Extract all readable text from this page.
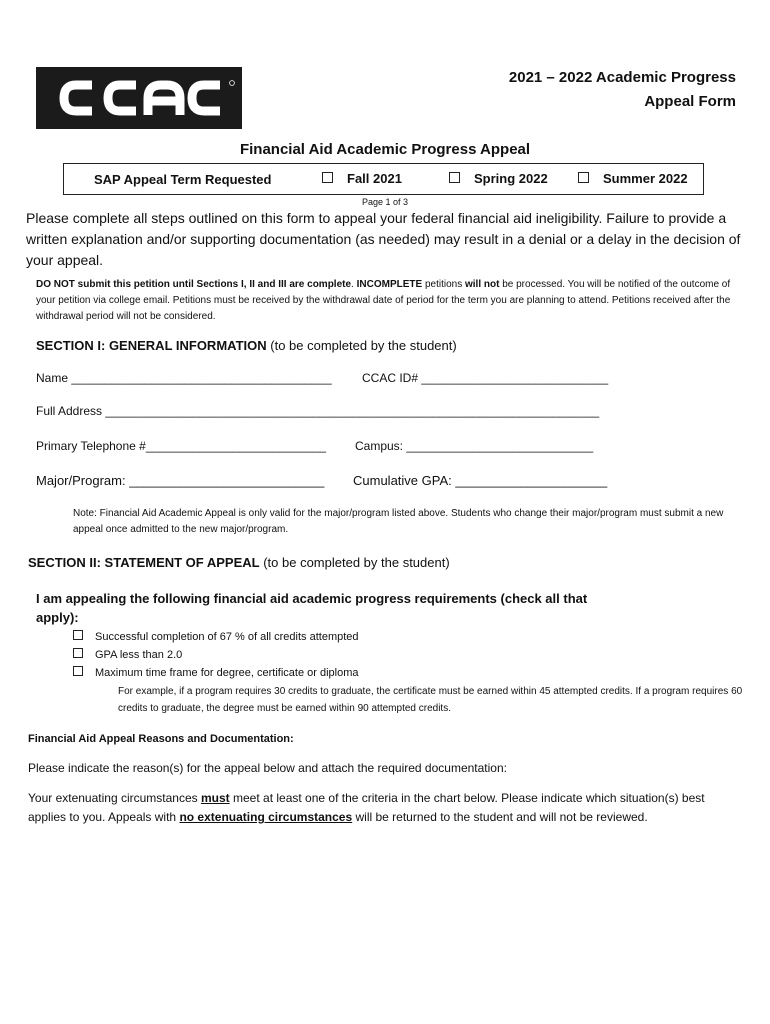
2021 – 2022 Academic Progress
Appeal Form
Financial Aid Academic Progress Appeal
SAP Appeal Term Requested	Fall 2021	Spring 2022	Summer 2022
Page 1 of 3
Please complete all steps outlined on this form to appeal your federal financial aid ineligibility. Failure to provide a written explanation and/or supporting documentation (as needed) may result in a denial or a delay in the decision of your appeal.
DO NOT submit this petition until Sections I, II and III are complete. INCOMPLETE petitions will not be processed. You will be notified of the outcome of your petition via college email. Petitions must be received by the withdrawal date of period for the term you are planning to attend. Petitions received after the withdrawal period will not be considered.
SECTION I: GENERAL INFORMATION (to be completed by the student)
Name _______________________________________	CCAC ID# ____________________________
Full Address __________________________________________________________________________
Primary Telephone #___________________________ Campus: ____________________________
Major/Program: ___________________________ Cumulative GPA: _____________________
Note: Financial Aid Academic Appeal is only valid for the major/program listed above. Students who change their major/program must submit a new appeal once admitted to the new major/program.
SECTION II: STATEMENT OF APPEAL (to be completed by the student)
I am appealing the following financial aid academic progress requirements (check all that apply):
Successful completion of 67 % of all credits attempted
GPA less than 2.0
Maximum time frame for degree, certificate or diploma
For example, if a program requires 30 credits to graduate, the certificate must be earned within 45 attempted credits. If a program requires 60 credits to graduate, the degree must be earned within 90 attempted credits.
Financial Aid Appeal Reasons and Documentation:
Please indicate the reason(s) for the appeal below and attach the required documentation:
Your extenuating circumstances must meet at least one of the criteria in the chart below. Please indicate which situation(s) best applies to you. Appeals with no extenuating circumstances will be returned to the student and will not be reviewed.
